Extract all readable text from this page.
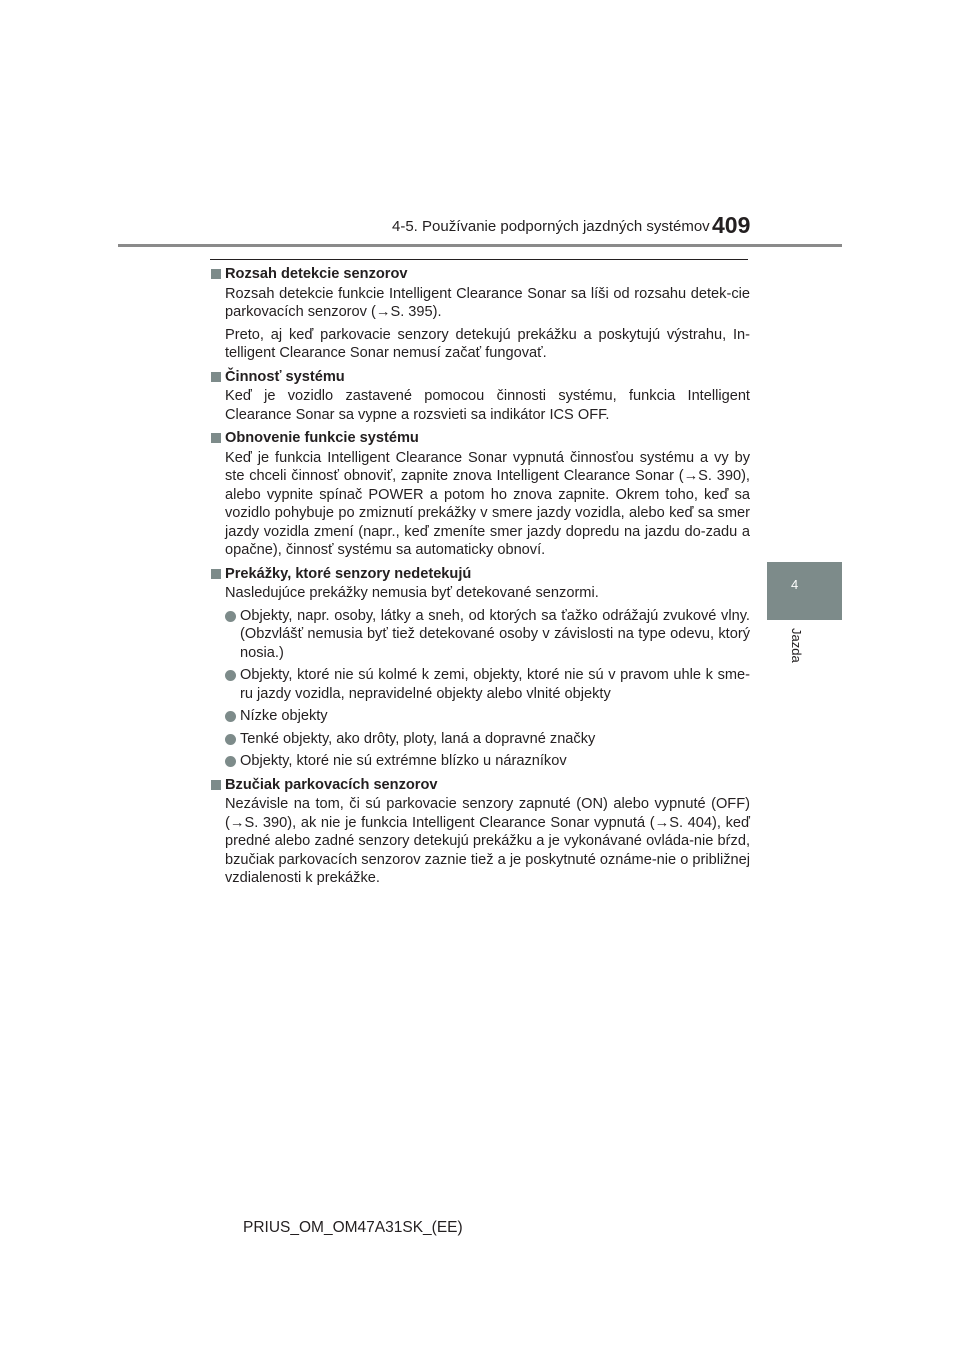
4-5. Používanie podporných jazdných systémov 409
4
Jazda
Rozsah detekcie senzorov
Rozsah detekcie funkcie Intelligent Clearance Sonar sa líši od rozsahu detek-cie parkovacích senzorov (→S. 395).
Preto, aj keď parkovacie senzory detekujú prekážku a poskytujú výstrahu, In-telligent Clearance Sonar nemusí začať fungovať.
Činnosť systému
Keď je vozidlo zastavené pomocou činnosti systému, funkcia Intelligent Clearance Sonar sa vypne a rozsvieti sa indikátor ICS OFF.
Obnovenie funkcie systému
Keď je funkcia Intelligent Clearance Sonar vypnutá činnosťou systému a vy by ste chceli činnosť obnoviť, zapnite znova Intelligent Clearance Sonar (→S. 390), alebo vypnite spínač POWER a potom ho znova zapnite. Okrem toho, keď sa vozidlo pohybuje po zmiznutí prekážky v smere jazdy vozidla, alebo keď sa smer jazdy vozidla zmení (napr., keď zmeníte smer jazdy dopredu na jazdu do-zadu a opačne), činnosť systému sa automaticky obnoví.
Prekážky, ktoré senzory nedetekujú
Nasledujúce prekážky nemusia byť detekované senzormi.
Objekty, napr. osoby, látky a sneh, od ktorých sa ťažko odrážajú zvukové vlny. (Obzvlášť nemusia byť tiež detekované osoby v závislosti na type odevu, ktorý nosia.)
Objekty, ktoré nie sú kolmé k zemi, objekty, ktoré nie sú v pravom uhle k sme-ru jazdy vozidla, nepravidelné objekty alebo vlnité objekty
Nízke objekty
Tenké objekty, ako drôty, ploty, laná a dopravné značky
Objekty, ktoré nie sú extrémne blízko u nárazníkov
Bzučiak parkovacích senzorov
Nezávisle na tom, či sú parkovacie senzory zapnuté (ON) alebo vypnuté (OFF) (→S. 390), ak nie je funkcia Intelligent Clearance Sonar vypnutá (→S. 404), keď predné alebo zadné senzory detekujú prekážku a je vykonávané ovláda-nie bŕzd, bzučiak parkovacích senzorov zaznie tiež a je poskytnuté oznáme-nie o približnej vzdialenosti k prekážke.
PRIUS_OM_OM47A31SK_(EE)
